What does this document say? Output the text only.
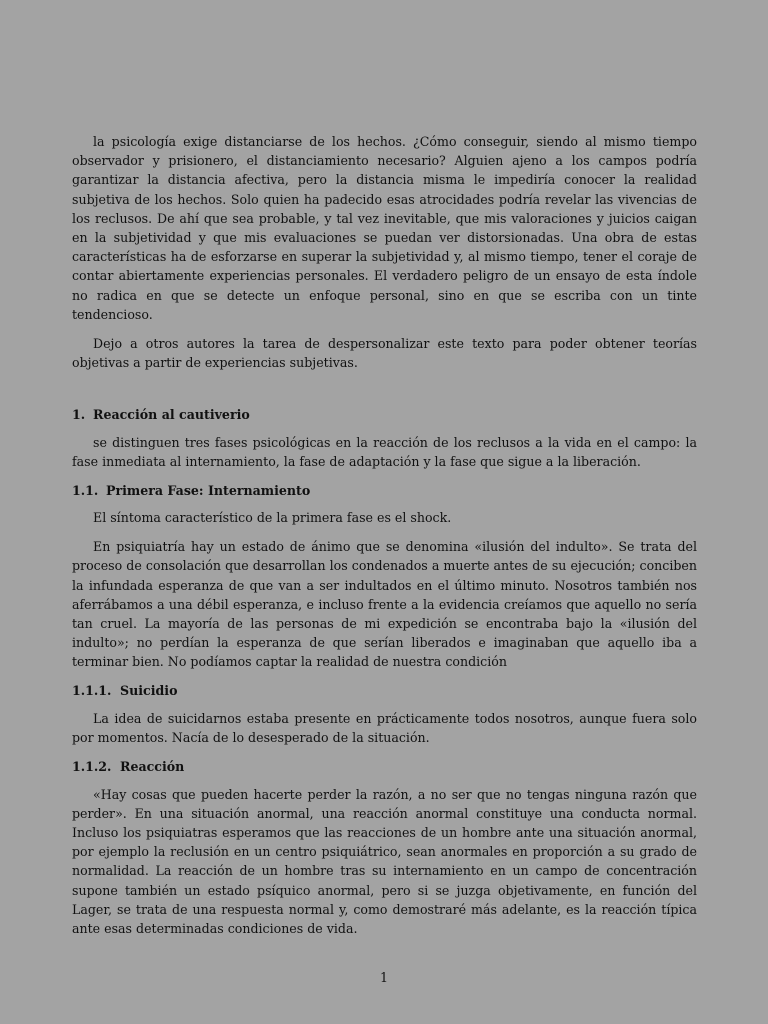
la psicología exige distanciarse de los hechos. ¿Cómo conseguir, siendo al mismo tiempo observador y prisionero, el distanciamiento necesario? Alguien ajeno a los campos podría garantizar la distancia afectiva, pero la distancia misma le impediría conocer la realidad subjetiva de los hechos. Solo quien ha padecido esas atrocidades podría revelar las vivencias de los reclusos. De ahí que sea probable, y tal vez inevitable, que mis valoraciones y juicios caigan en la subjetividad y que mis evaluaciones se puedan ver distorsionadas. Una obra de estas características ha de esforzarse en superar la subjetividad y, al mismo tiempo, tener el coraje de contar abiertamente experiencias personales. El verdadero peligro de un ensayo de esta índole no radica en que se detecte un enfoque personal, sino en que se escriba con un tinte tendencioso.

Dejo a otros autores la tarea de despersonalizar este texto para poder obtener teorías objetivas a partir de experiencias subjetivas.

1. Reacción al cautiverio

se distinguen tres fases psicológicas en la reacción de los reclusos a la vida en el campo: la fase inmediata al internamiento, la fase de adaptación y la fase que sigue a la liberación.

1.1. Primera Fase: Internamiento

El síntoma característico de la primera fase es el shock.

En psiquiatría hay un estado de ánimo que se denomina «ilusión del indulto». Se trata del proceso de consolación que desarrollan los condenados a muerte antes de su ejecución; conciben la infundada esperanza de que van a ser indultados en el último minuto. Nosotros también nos aferrábamos a una débil esperanza, e incluso frente a la evidencia creíamos que aquello no sería tan cruel. La mayoría de las personas de mi expedición se encontraba bajo la «ilusión del indulto»; no perdían la esperanza de que serían liberados e imaginaban que aquello iba a terminar bien. No podíamos captar la realidad de nuestra condición

1.1.1. Suicidio

La idea de suicidarnos estaba presente en prácticamente todos nosotros, aunque fuera solo por momentos. Nacía de lo desesperado de la situación.

1.1.2. Reacción

«Hay cosas que pueden hacerte perder la razón, a no ser que no tengas ninguna razón que perder». En una situación anormal, una reacción anormal constituye una conducta normal. Incluso los psiquiatras esperamos que las reacciones de un hombre ante una situación anormal, por ejemplo la reclusión en un centro psiquiátrico, sean anormales en proporción a su grado de normalidad. La reacción de un hombre tras su internamiento en un campo de concentración supone también un estado psíquico anormal, pero si se juzga objetivamente, en función del Lager, se trata de una respuesta normal y, como demostraré más adelante, es la reacción típica ante esas determinadas condiciones de vida.

1
